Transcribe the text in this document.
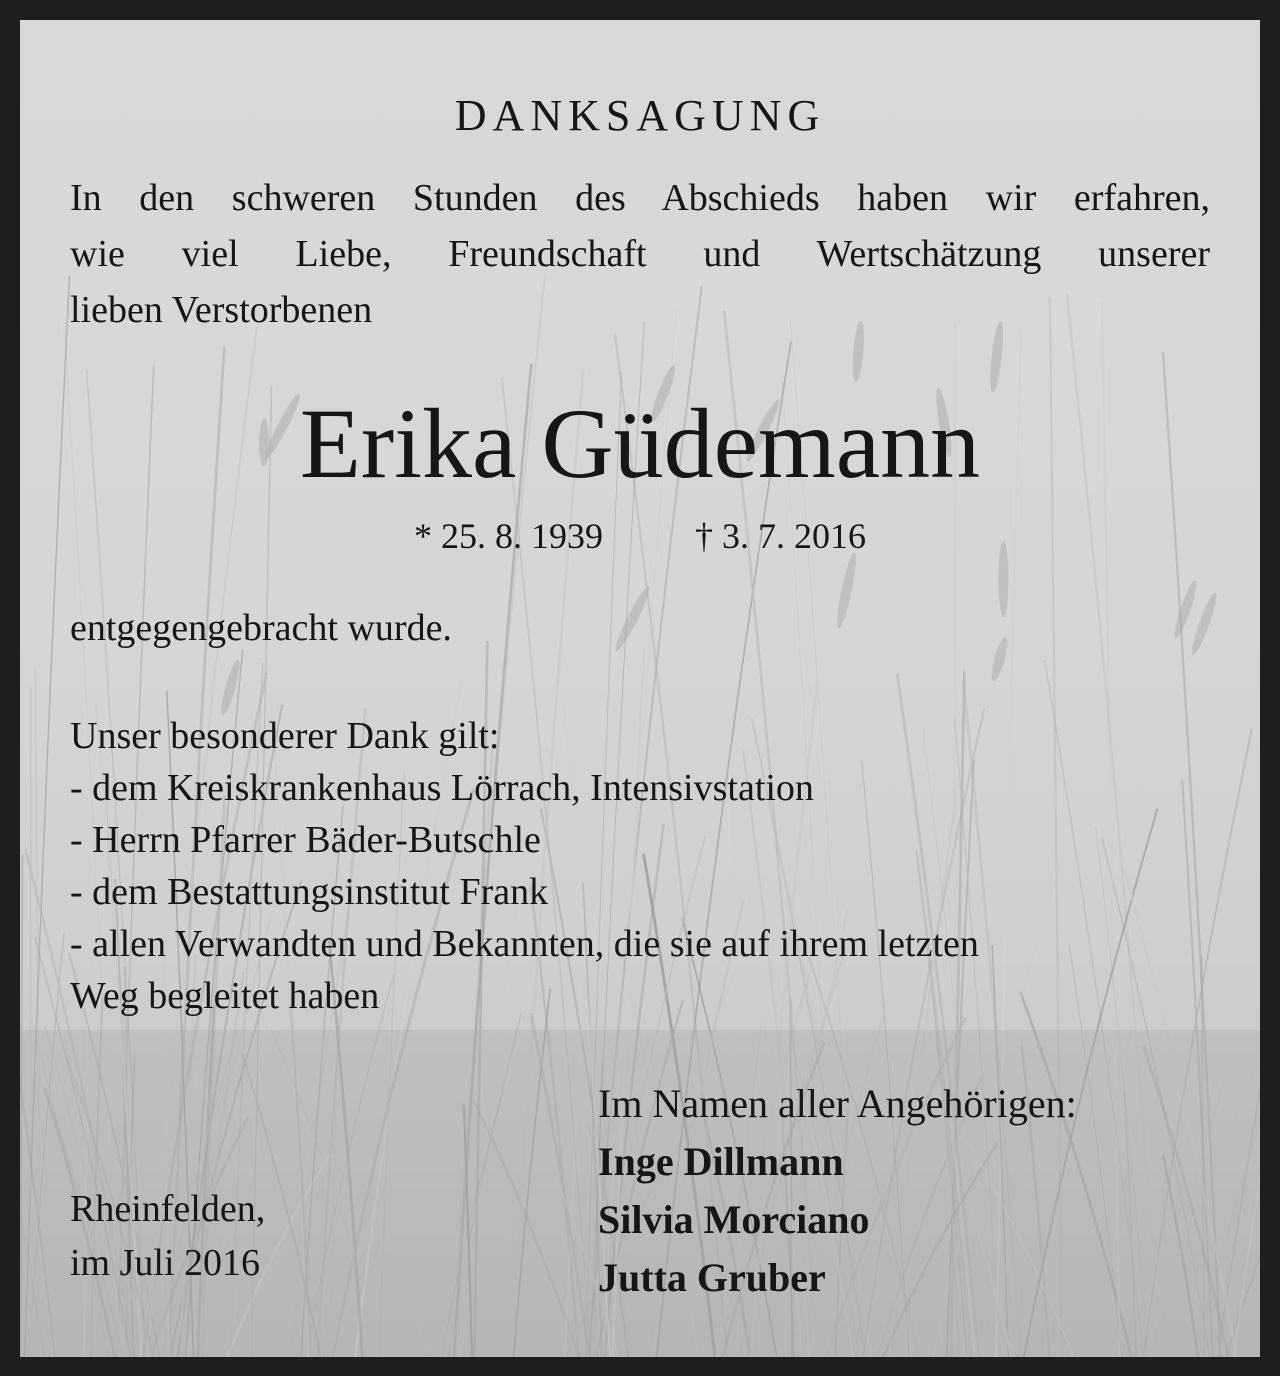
DANKSAGUNG
In den schweren Stunden des Abschieds haben wir erfahren,
wie viel Liebe, Freundschaft und Wertschätzung unserer
lieben Verstorbenen
Erika Güdemann
* 25. 8. 1939	† 3. 7. 2016
entgegengebracht wurde.
Unser besonderer Dank gilt:
- dem Kreiskrankenhaus Lörrach, Intensivstation
- Herrn Pfarrer Bäder-Butschle
- dem Bestattungsinstitut Frank
- allen Verwandten und Bekannten, die sie auf ihrem letzten
Weg begleitet haben
Rheinfelden,
im Juli 2016
Im Namen aller Angehörigen:
Inge Dillmann
Silvia Morciano
Jutta Gruber
